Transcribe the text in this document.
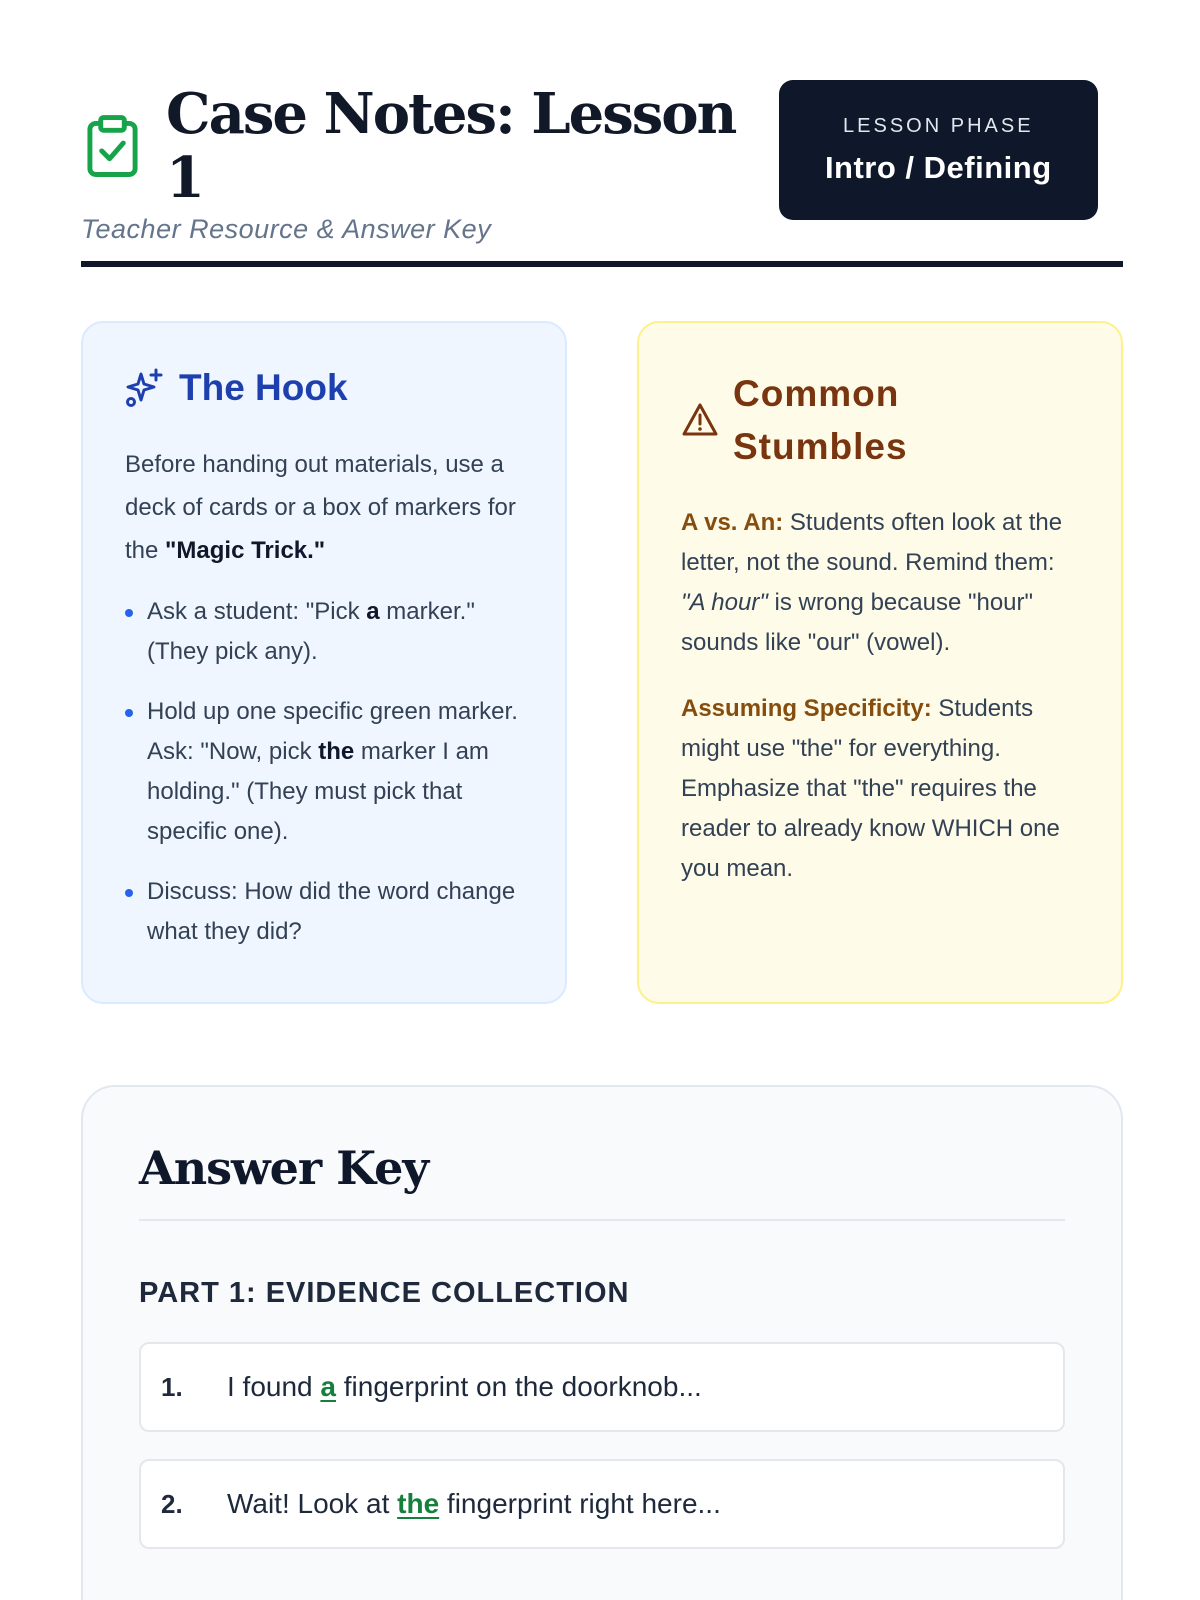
Case Notes: Lesson 1
Teacher Resource & Answer Key
LESSON PHASE
Intro / Defining
The Hook

Before handing out materials, use a deck of cards or a box of markers for the "Magic Trick."

Ask a student: "Pick a marker." (They pick any).
Hold up one specific green marker. Ask: "Now, pick the marker I am holding." (They must pick that specific one).
Discuss: How did the word change what they did?
Common Stumbles

A vs. An: Students often look at the letter, not the sound. Remind them: "A hour" is wrong because "hour" sounds like "our" (vowel).

Assuming Specificity: Students might use "the" for everything. Emphasize that "the" requires the reader to already know WHICH one you mean.

Answer Key
PART 1: EVIDENCE COLLECTION
1.	I found a fingerprint on the doorknob...
2.	Wait! Look at the fingerprint right here...
